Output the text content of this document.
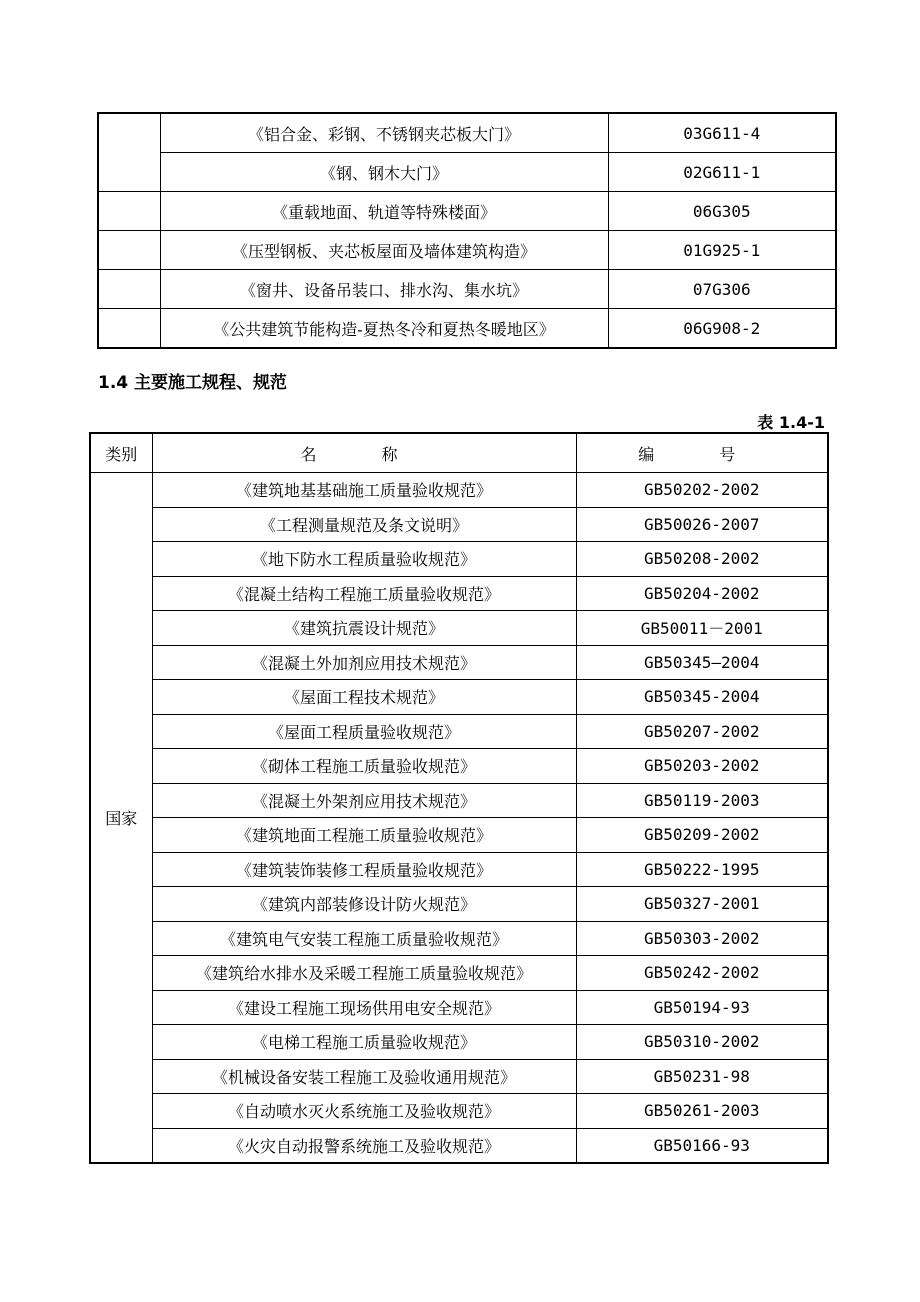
	《铝合金、彩钢、不锈钢夹芯板大门》	03G611-4
	《钢、钢木大门》	02G611-1
	《重载地面、轨道等特殊楼面》	06G305
	《压型钢板、夹芯板屋面及墙体建筑构造》	01G925-1
	《窗井、设备吊装口、排水沟、集水坑》	07G306
	《公共建筑节能构造-夏热冬冷和夏热冬暖地区》	06G908-2
1.4 主要施工规程、规范
表 1.4-1
类别	名 称	编 号
国家	《建筑地基基础施工质量验收规范》	GB50202-2002
	《工程测量规范及条文说明》	GB50026-2007
	《地下防水工程质量验收规范》	GB50208-2002
	《混凝土结构工程施工质量验收规范》	GB50204-2002
	《建筑抗震设计规范》	GB50011－2001
	《混凝土外加剂应用技术规范》	GB50345—2004
	《屋面工程技术规范》	GB50345-2004
	《屋面工程质量验收规范》	GB50207-2002
	《砌体工程施工质量验收规范》	GB50203-2002
	《混凝土外架剂应用技术规范》	GB50119-2003
	《建筑地面工程施工质量验收规范》	GB50209-2002
	《建筑装饰装修工程质量验收规范》	GB50222-1995
	《建筑内部装修设计防火规范》	GB50327-2001
	《建筑电气安装工程施工质量验收规范》	GB50303-2002
	《建筑给水排水及采暖工程施工质量验收规范》	GB50242-2002
	《建设工程施工现场供用电安全规范》	GB50194-93
	《电梯工程施工质量验收规范》	GB50310-2002
	《机械设备安装工程施工及验收通用规范》	GB50231-98
	《自动喷水灭火系统施工及验收规范》	GB50261-2003
	《火灾自动报警系统施工及验收规范》	GB50166-93
